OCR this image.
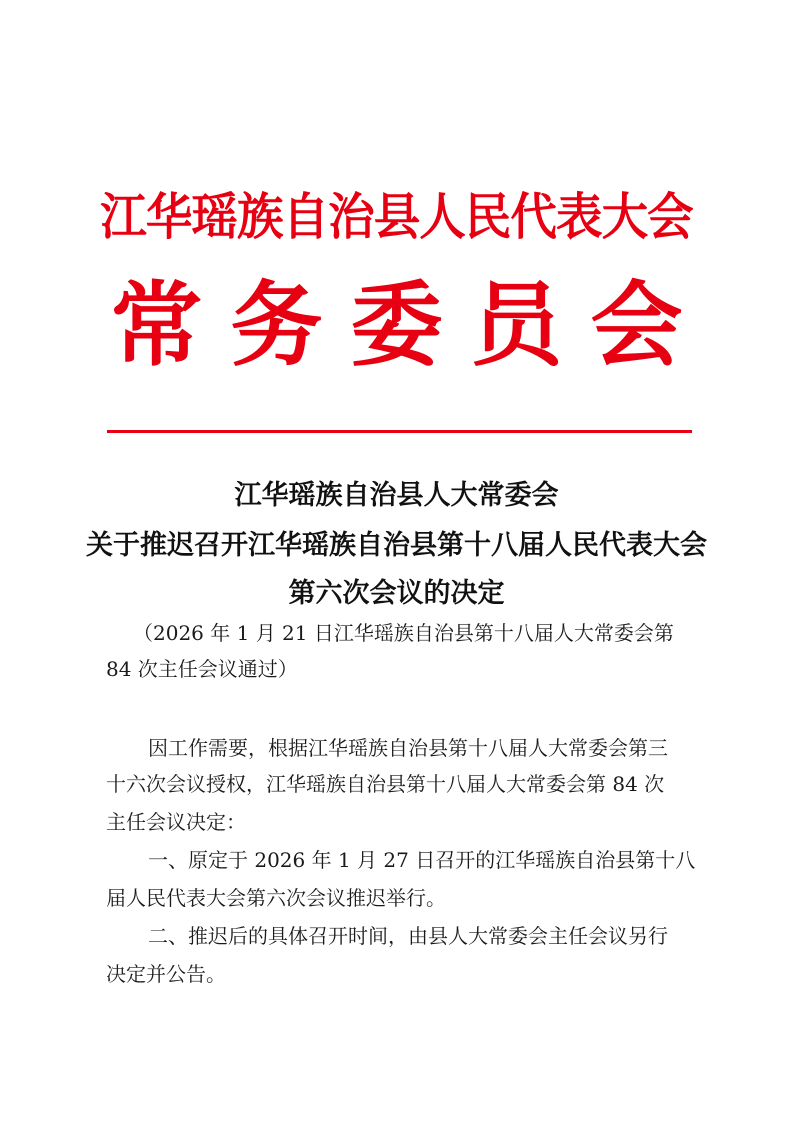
江华瑶族自治县人民代表大会
常务委员会
江华瑶族自治县人大常委会
关于推迟召开江华瑶族自治县第十八届人民代表大会
第六次会议的决定
（2026 年 1 月 21 日江华瑶族自治县第十八届人大常委会第
84 次主任会议通过）
因工作需要，根据江华瑶族自治县第十八届人大常委会第三
十六次会议授权，江华瑶族自治县第十八届人大常委会第 84 次
主任会议决定：
一、原定于 2026 年 1 月 27 日召开的江华瑶族自治县第十八
届人民代表大会第六次会议推迟举行。
二、推迟后的具体召开时间，由县人大常委会主任会议另行
决定并公告。
